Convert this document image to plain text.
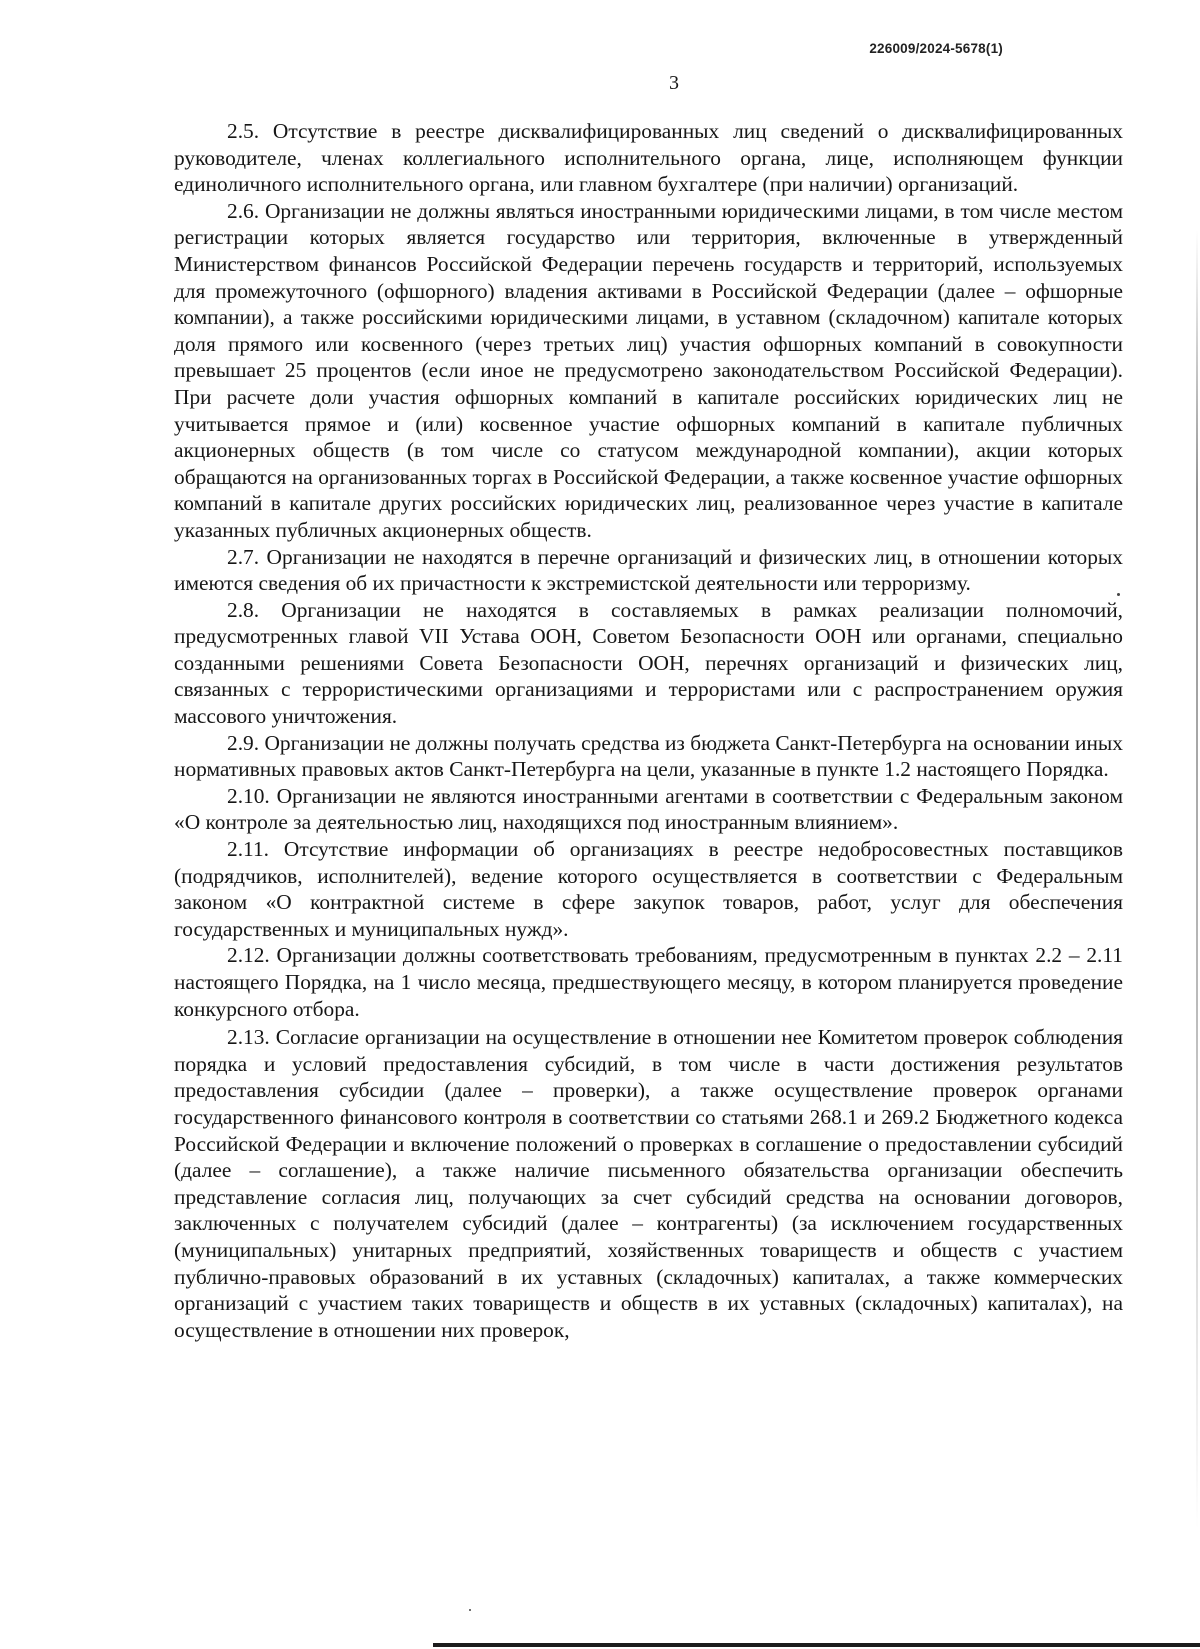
226009/2024-5678(1)
3

2.5. Отсутствие в реестре дисквалифицированных лиц сведений о дисквалифицированных руководителе, членах коллегиального исполнительного органа, лице, исполняющем функции единоличного исполнительного органа, или главном бухгалтере (при наличии) организаций.

2.6. Организации не должны являться иностранными юридическими лицами, в том числе местом регистрации которых является государство или территория, включенные в утвержденный Министерством финансов Российской Федерации перечень государств и территорий, используемых для промежуточного (офшорного) владения активами в Российской Федерации (далее – офшорные компании), а также российскими юридическими лицами, в уставном (складочном) капитале которых доля прямого или косвенного (через третьих лиц) участия офшорных компаний в совокупности превышает 25 процентов (если иное не предусмотрено законодательством Российской Федерации). При расчете доли участия офшорных компаний в капитале российских юридических лиц не учитывается прямое и (или) косвенное участие офшорных компаний в капитале публичных акционерных обществ (в том числе со статусом международной компании), акции которых обращаются на организованных торгах в Российской Федерации, а также косвенное участие офшорных компаний в капитале других российских юридических лиц, реализованное через участие в капитале указанных публичных акционерных обществ.

2.7. Организации не находятся в перечне организаций и физических лиц, в отношении которых имеются сведения об их причастности к экстремистской деятельности или терроризму.

2.8. Организации не находятся в составляемых в рамках реализации полномочий, предусмотренных главой VII Устава ООН, Советом Безопасности ООН или органами, специально созданными решениями Совета Безопасности ООН, перечнях организаций и физических лиц, связанных с террористическими организациями и террористами или с распространением оружия массового уничтожения.

2.9. Организации не должны получать средства из бюджета Санкт-Петербурга на основании иных нормативных правовых актов Санкт-Петербурга на цели, указанные в пункте 1.2 настоящего Порядка.

2.10. Организации не являются иностранными агентами в соответствии с Федеральным законом «О контроле за деятельностью лиц, находящихся под иностранным влиянием».

2.11. Отсутствие информации об организациях в реестре недобросовестных поставщиков (подрядчиков, исполнителей), ведение которого осуществляется в соответствии с Федеральным законом «О контрактной системе в сфере закупок товаров, работ, услуг для обеспечения государственных и муниципальных нужд».

2.12. Организации должны соответствовать требованиям, предусмотренным в пунктах 2.2 – 2.11 настоящего Порядка, на 1 число месяца, предшествующего месяцу, в котором планируется проведение конкурсного отбора.

2.13. Согласие организации на осуществление в отношении нее Комитетом проверок соблюдения порядка и условий предоставления субсидий, в том числе в части достижения результатов предоставления субсидии (далее – проверки), а также осуществление проверок органами государственного финансового контроля в соответствии со статьями 268.1 и 269.2 Бюджетного кодекса Российской Федерации и включение положений о проверках в соглашение о предоставлении субсидий (далее – соглашение), а также наличие письменного обязательства организации обеспечить представление согласия лиц, получающих за счет субсидий средства на основании договоров, заключенных с получателем субсидий (далее – контрагенты) (за исключением государственных (муниципальных) унитарных предприятий, хозяйственных товариществ и обществ с участием публично-правовых образований в их уставных (складочных) капиталах, а также коммерческих организаций с участием таких товариществ и обществ в их уставных (складочных) капиталах), на осуществление в отношении них проверок,
